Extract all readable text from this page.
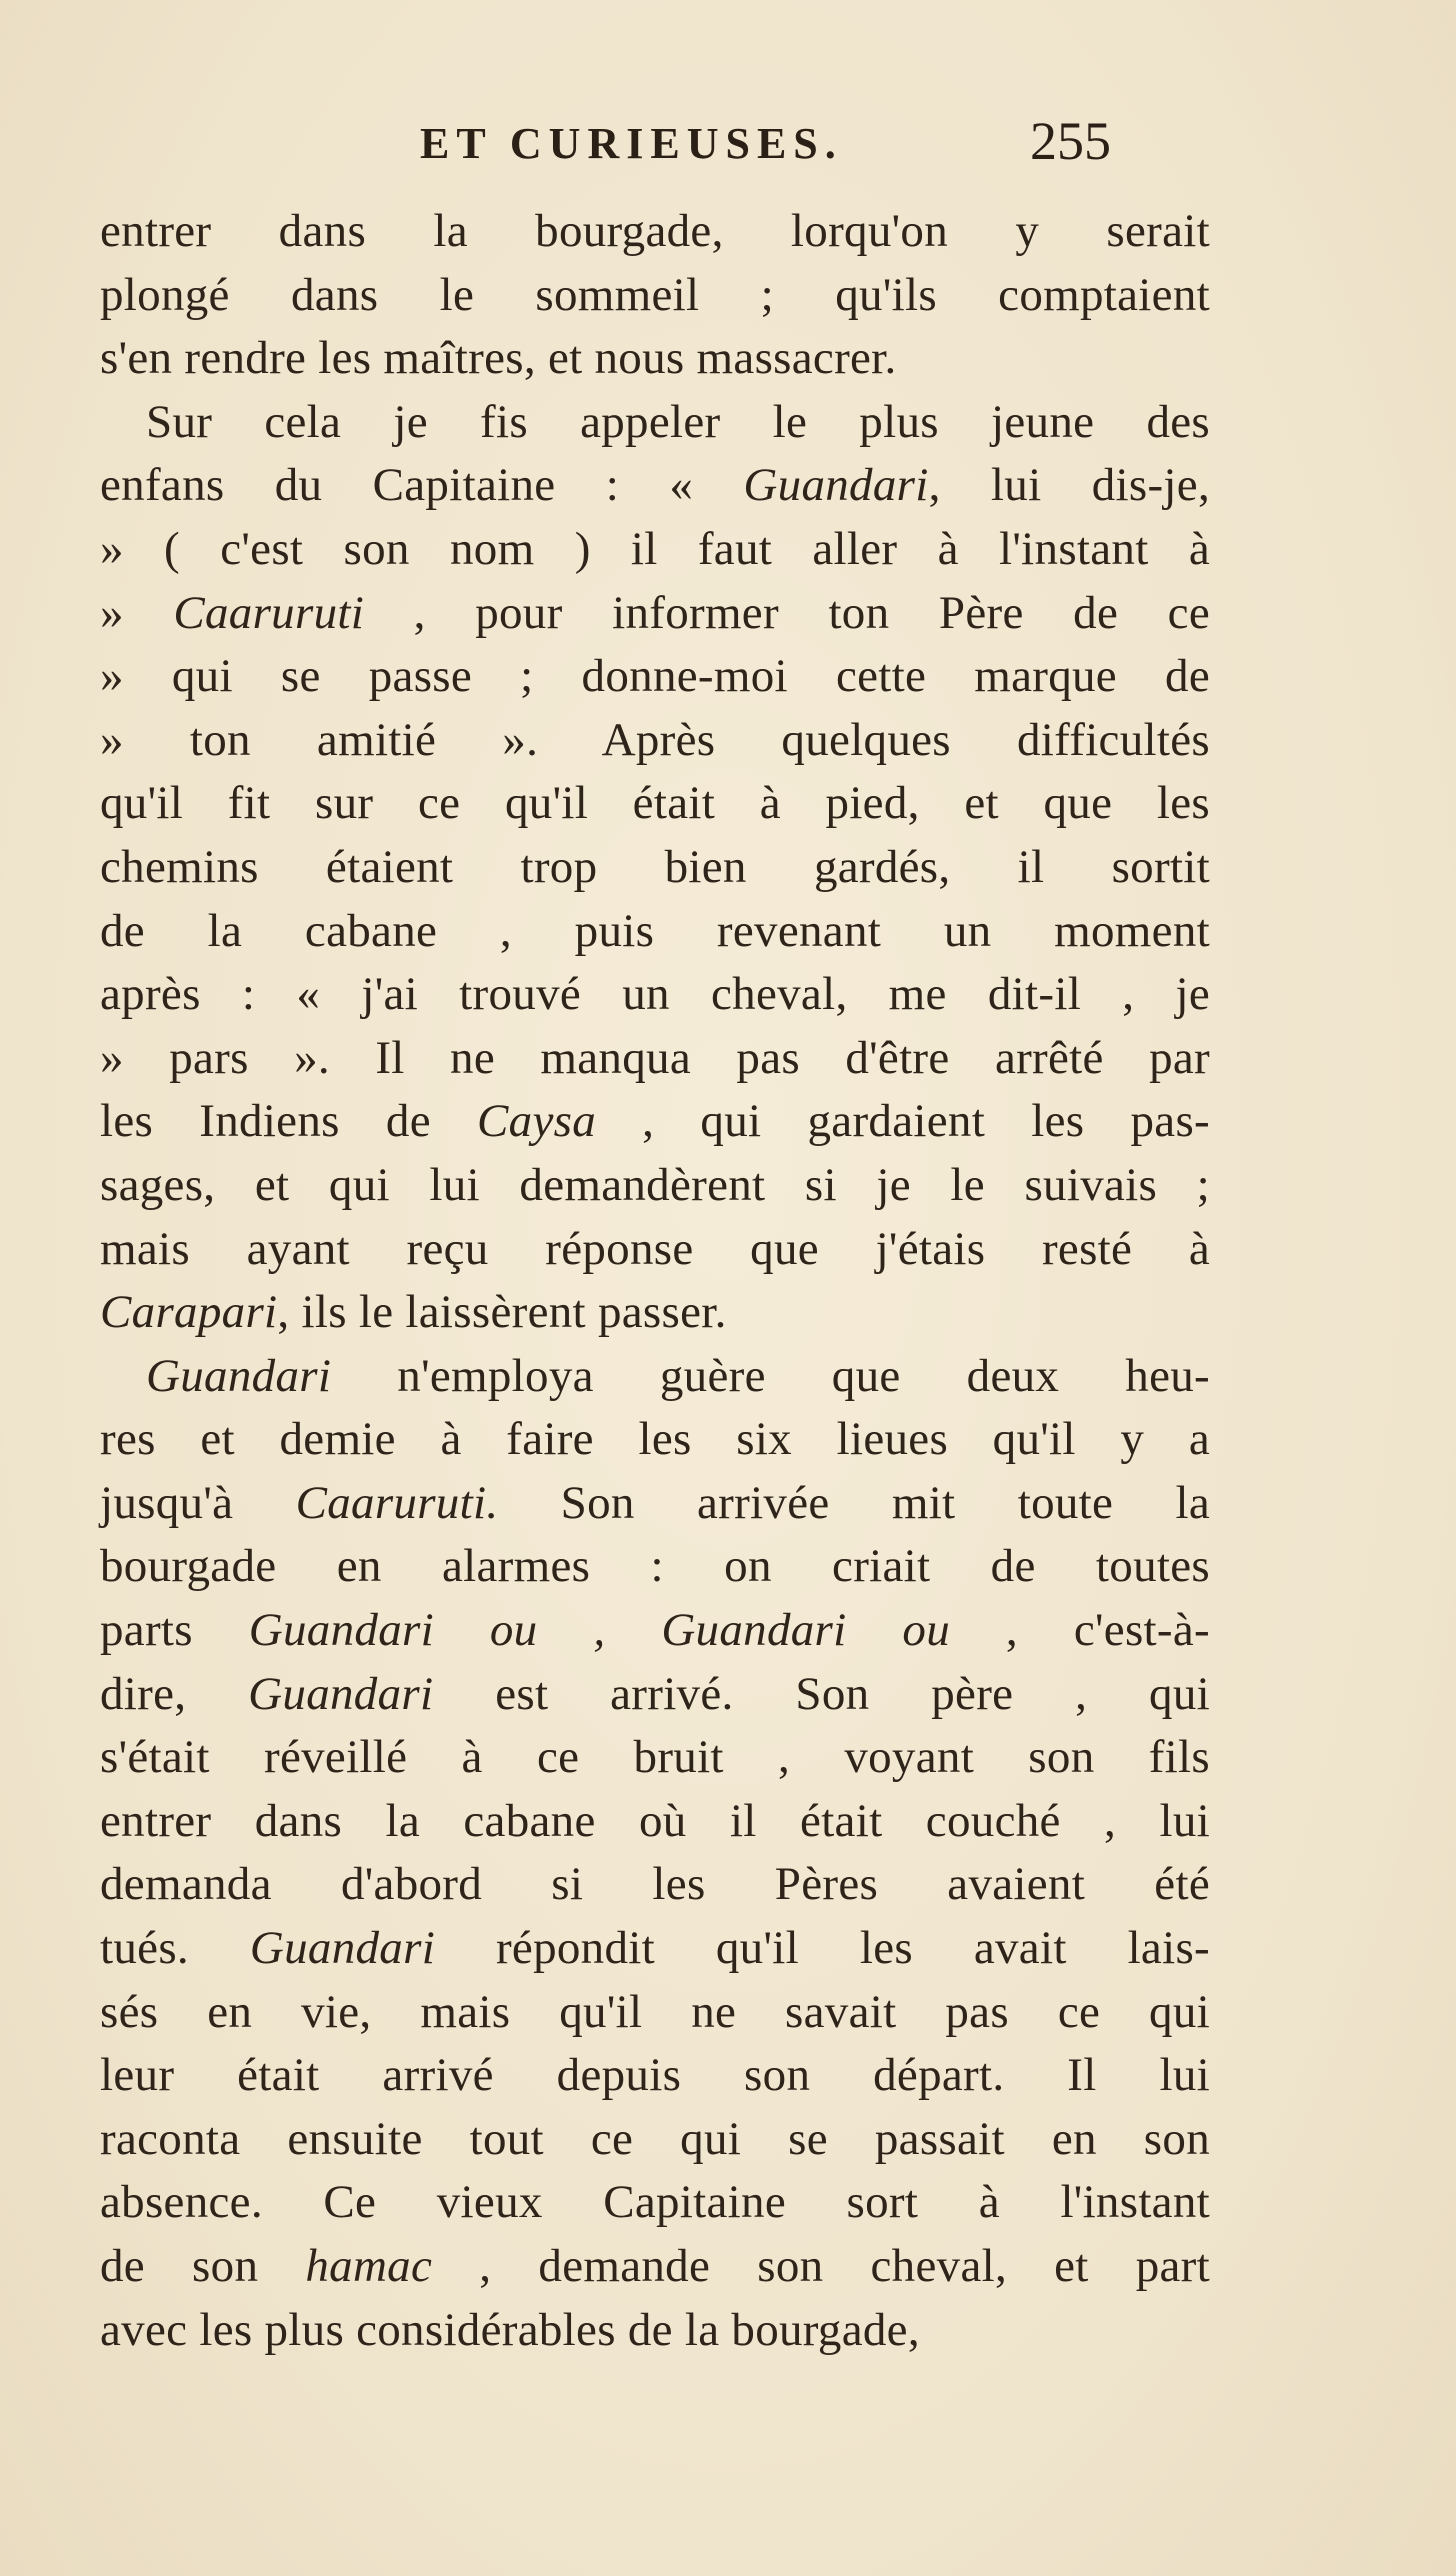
ET CURIEUSES.	255
entrer dans la bourgade, lorqu'on y serait
plongé dans le sommeil ; qu'ils comptaient
s'en rendre les maîtres, et nous massacrer.
Sur cela je fis appeler le plus jeune des
enfans du Capitaine : « Guandari, lui dis-je,
» ( c'est son nom ) il faut aller à l'instant à
» Caaruruti , pour informer ton Père de ce
» qui se passe ; donne-moi cette marque de
» ton amitié ». Après quelques difficultés
qu'il fit sur ce qu'il était à pied, et que les
chemins étaient trop bien gardés, il sortit
de la cabane , puis revenant un moment
après : « j'ai trouvé un cheval, me dit-il , je
» pars ». Il ne manqua pas d'être arrêté par
les Indiens de Caysa , qui gardaient les pas-
sages, et qui lui demandèrent si je le suivais ;
mais ayant reçu réponse que j'étais resté à
Carapari, ils le laissèrent passer.
Guandari n'employa guère que deux heu-
res et demie à faire les six lieues qu'il y a
jusqu'à Caaruruti. Son arrivée mit toute la
bourgade en alarmes : on criait de toutes
parts Guandari ou , Guandari ou , c'est-à-
dire, Guandari est arrivé. Son père , qui
s'était réveillé à ce bruit , voyant son fils
entrer dans la cabane où il était couché , lui
demanda d'abord si les Pères avaient été
tués. Guandari répondit qu'il les avait lais-
sés en vie, mais qu'il ne savait pas ce qui
leur était arrivé depuis son départ. Il lui
raconta ensuite tout ce qui se passait en son
absence. Ce vieux Capitaine sort à l'instant
de son hamac , demande son cheval, et part
avec les plus considérables de la bourgade,
